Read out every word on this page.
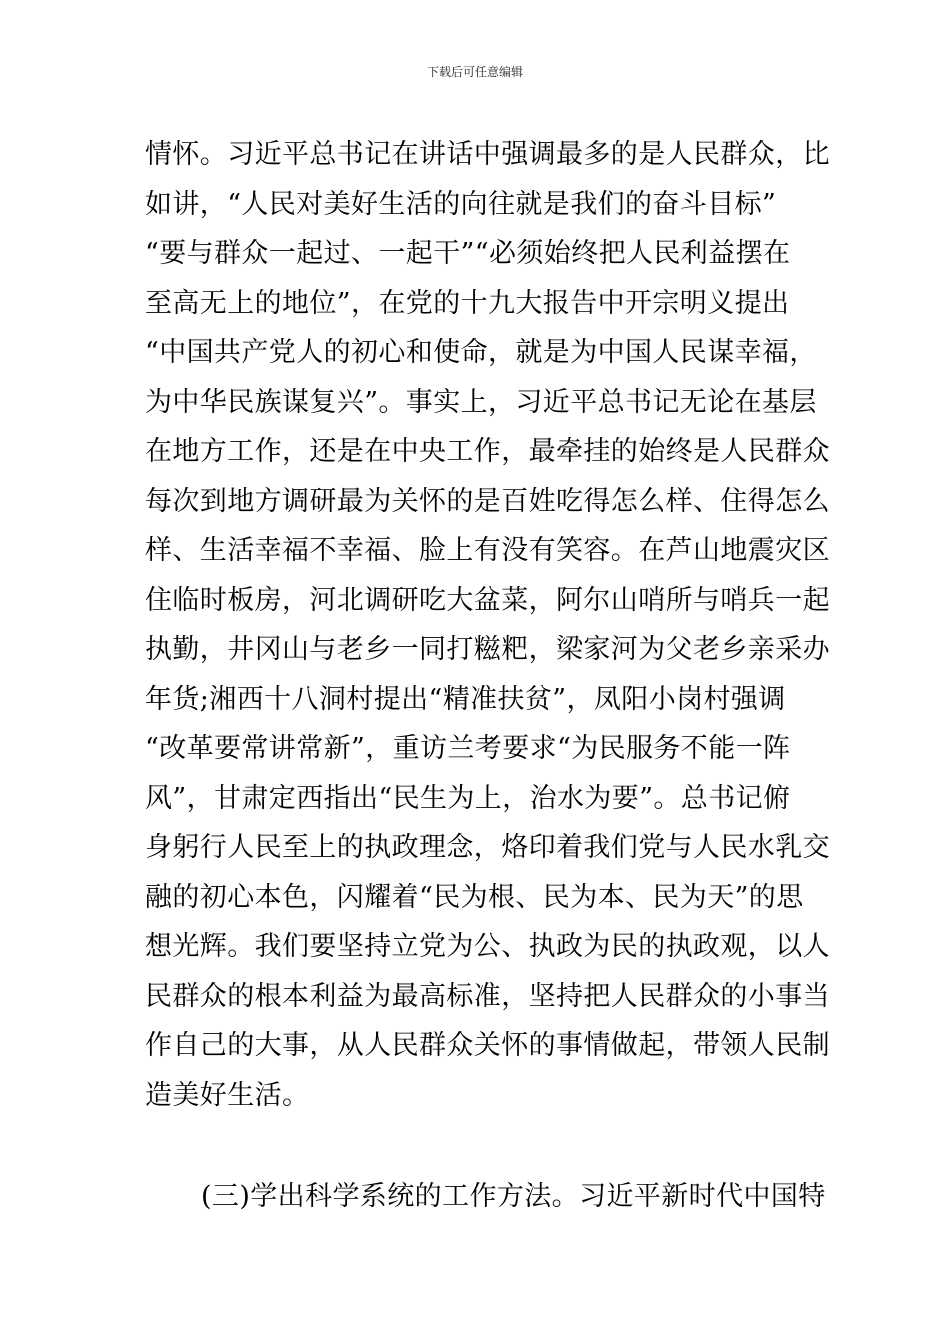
下载后可任意编辑
情怀。习近平总书记在讲话中强调最多的是人民群众，比
如讲，“人民对美好生活的向往就是我们的奋斗目标”
“要与群众一起过、一起干”“必须始终把人民利益摆在
至高无上的地位”，在党的十九大报告中开宗明义提出
“中国共产党人的初心和使命，就是为中国人民谋幸福，
为中华民族谋复兴”。事实上，习近平总书记无论在基层
在地方工作，还是在中央工作，最牵挂的始终是人民群众
每次到地方调研最为关怀的是百姓吃得怎么样、住得怎么
样、生活幸福不幸福、脸上有没有笑容。在芦山地震灾区
住临时板房，河北调研吃大盆菜，阿尔山哨所与哨兵一起
执勤，井冈山与老乡一同打糍粑，梁家河为父老乡亲采办
年货;湘西十八洞村提出“精准扶贫”，凤阳小岗村强调
“改革要常讲常新”，重访兰考要求“为民服务不能一阵
风”，甘肃定西指出“民生为上，治水为要”。总书记俯
身躬行人民至上的执政理念，烙印着我们党与人民水乳交
融的初心本色，闪耀着“民为根、民为本、民为天”的思
想光辉。我们要坚持立党为公、执政为民的执政观，以人
民群众的根本利益为最高标准，坚持把人民群众的小事当
作自己的大事，从人民群众关怀的事情做起，带领人民制
造美好生活。
(三)学出科学系统的工作方法。习近平新时代中国特
